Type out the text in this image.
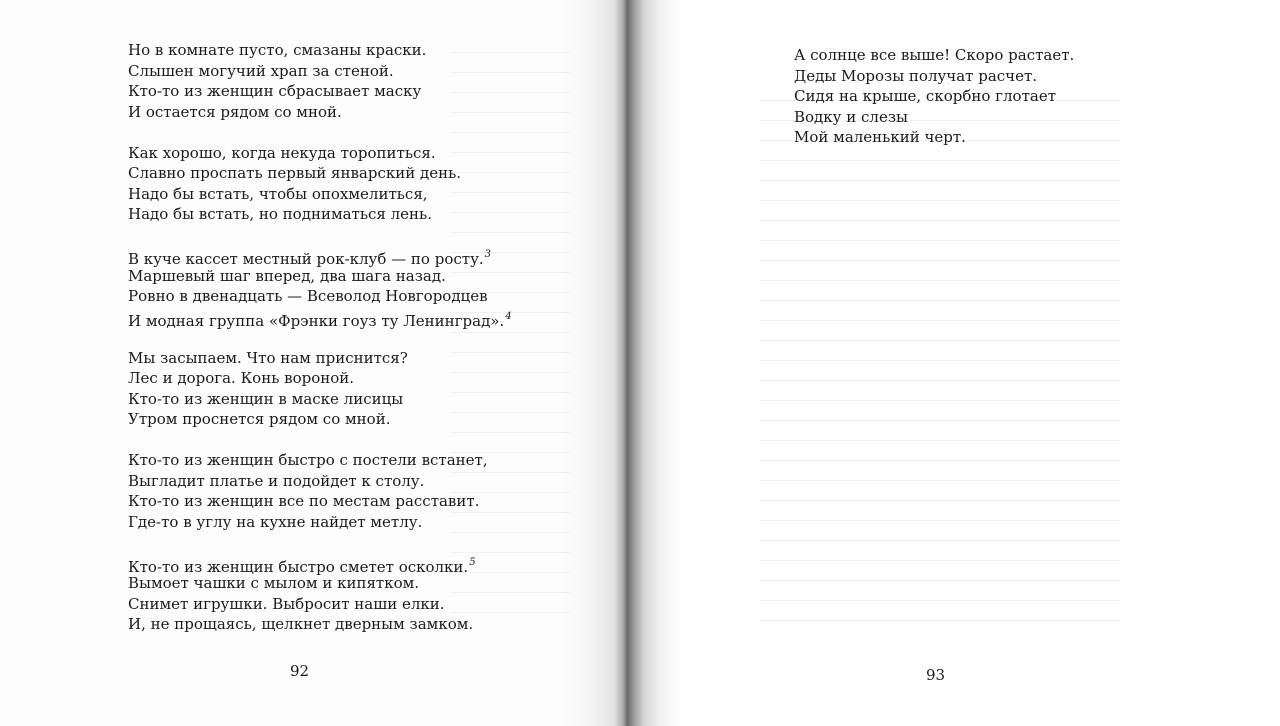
Но в комнате пусто, смазаны краски.
Слышен могучий храп за стеной.
Кто-то из женщин сбрасывает маску
И остается рядом со мной.
Как хорошо, когда некуда торопиться.
Славно проспать первый январский день.
Надо бы встать, чтобы опохмелиться,
Надо бы встать, но подниматься лень.
В куче кассет местный рок-клуб — по росту.$^3$
Маршевый шаг вперед, два шага назад.
Ровно в двенадцать — Всеволод Новгородцев
И модная группа «Фрэнки гоуз ту Ленинград».$^4$
Мы засыпаем. Что нам приснится?
Лес и дорога. Конь вороной.
Кто-то из женщин в маске лисицы
Утром проснется рядом со мной.
Кто-то из женщин быстро с постели встанет,
Выгладит платье и подойдет к столу.
Кто-то из женщин все по местам расставит.
Где-то в углу на кухне найдет метлу.
Кто-то из женщин быстро сметет осколки.$^5$
Вымоет чашки с мылом и кипятком.
Снимет игрушки. Выбросит наши елки.
И, не прощаясь, щелкнет дверным замком.
А солнце все выше! Скоро растает.
Деды Морозы получат расчет.
Сидя на крыше, скорбно глотает
Водку и слезы
Мой маленький черт.
92	93
